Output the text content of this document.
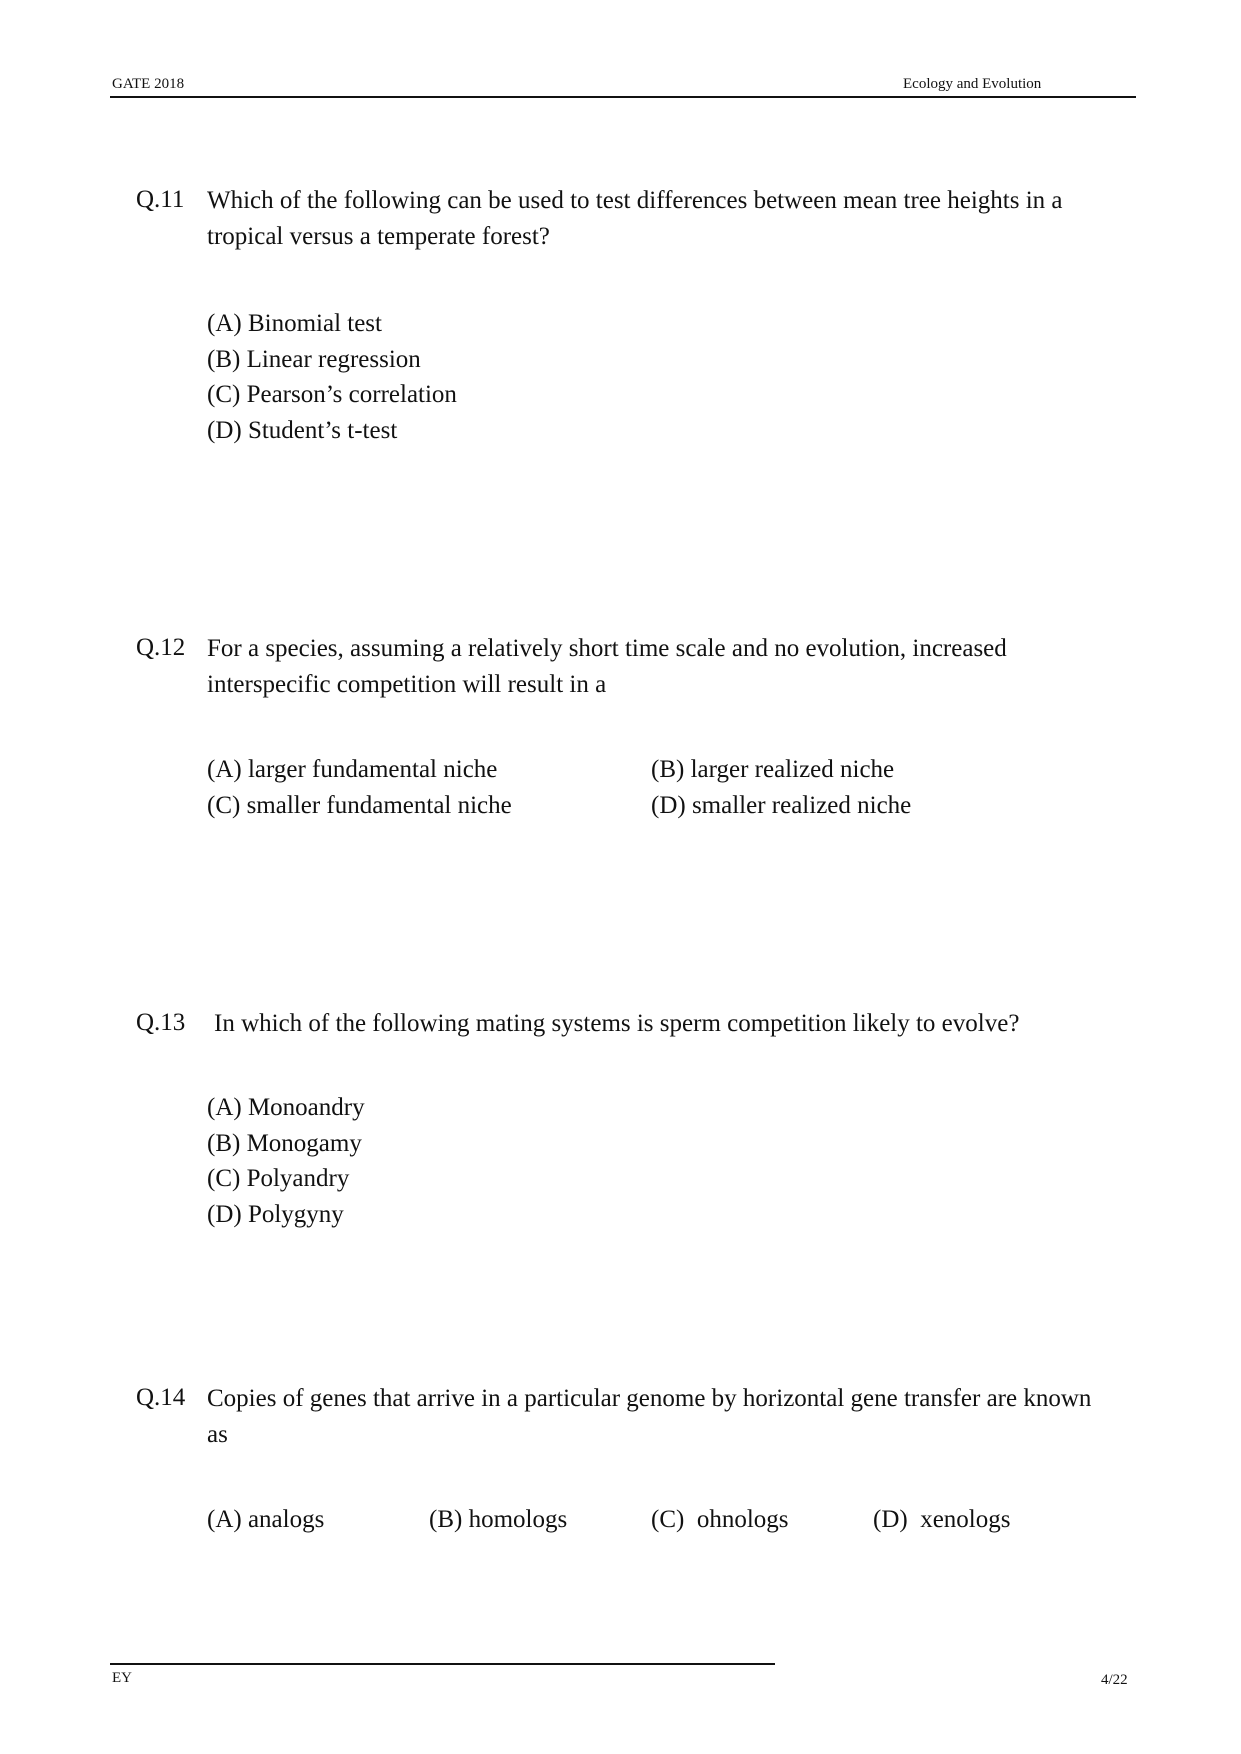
GATE 2018	Ecology and Evolution
Q.11 Which of the following can be used to test differences between mean tree heights in a tropical versus a temperate forest?
(A) Binomial test
(B) Linear regression
(C) Pearson’s correlation
(D) Student’s t-test
Q.12 For a species, assuming a relatively short time scale and no evolution, increased interspecific competition will result in a
(A) larger fundamental niche	(B) larger realized niche
(C) smaller fundamental niche	(D) smaller realized niche
Q.13 In which of the following mating systems is sperm competition likely to evolve?
(A) Monoandry
(B) Monogamy
(C) Polyandry
(D) Polygyny
Q.14 Copies of genes that arrive in a particular genome by horizontal gene transfer are known as
(A) analogs	(B) homologs	(C)  ohnologs	(D)  xenologs
EY	4/22
